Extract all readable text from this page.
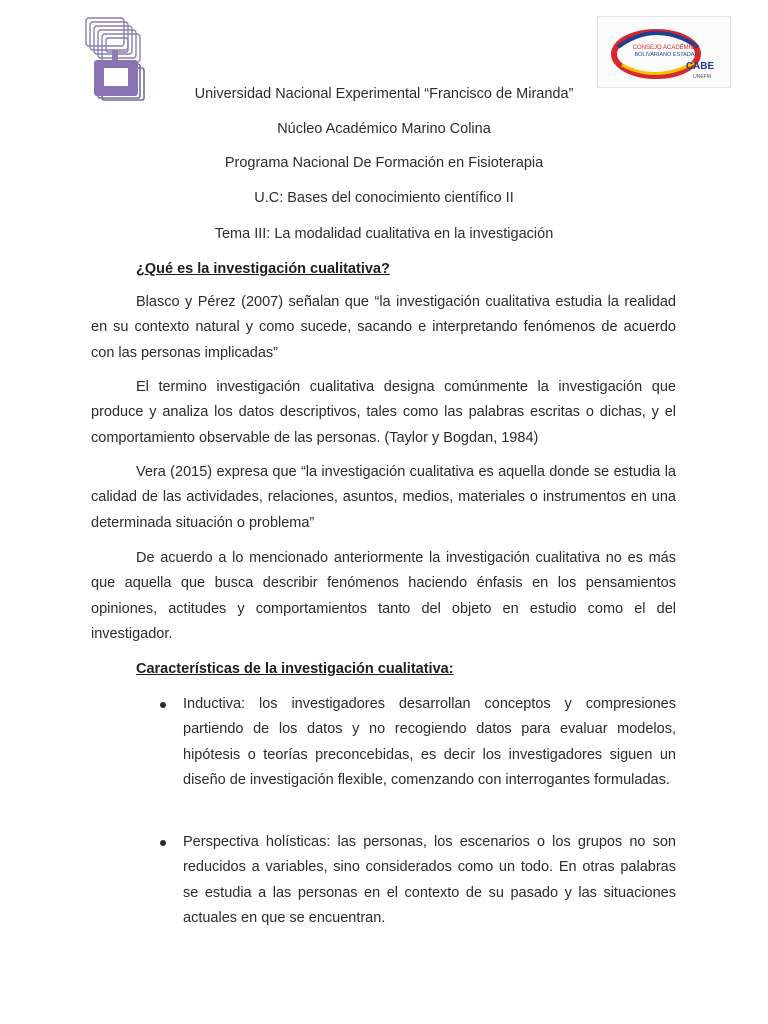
CONSEJO ACADÉMICO
BOLIVARIANO ESTADAL
CABE
UNEFM
Universidad Nacional Experimental “Francisco de Miranda”
Núcleo Académico Marino Colina
Programa Nacional De Formación en Fisioterapia
U.C: Bases del conocimiento científico II
Tema III: La modalidad cualitativa en la investigación
¿Qué es la investigación cualitativa?

Blasco y Pérez (2007) señalan que “la investigación cualitativa estudia la realidad en su contexto natural y como sucede, sacando e interpretando fenómenos de acuerdo con las personas implicadas”

El termino investigación cualitativa designa comúnmente la investigación que produce y analiza los datos descriptivos, tales como las palabras escritas o dichas, y el comportamiento observable de las personas. (Taylor y Bogdan, 1984)

Vera (2015) expresa que “la investigación cualitativa es aquella donde se estudia la calidad de las actividades, relaciones, asuntos, medios, materiales o instrumentos en una determinada situación o problema”

De acuerdo a lo mencionado anteriormente la investigación cualitativa no es más que aquella que busca describir fenómenos haciendo énfasis en los pensamientos opiniones, actitudes y comportamientos tanto del objeto en estudio como el del investigador.

Características de la investigación cualitativa:

Inductiva: los investigadores desarrollan conceptos y compresiones partiendo de los datos y no recogiendo datos para evaluar modelos, hipótesis o teorías preconcebidas, es decir los investigadores siguen un diseño de investigación flexible, comenzando con interrogantes formuladas.

Perspectiva holísticas: las personas, los escenarios o los grupos no son reducidos a variables, sino considerados como un todo. En otras palabras se estudia a las personas en el contexto de su pasado y las situaciones actuales en que se encuentran.
